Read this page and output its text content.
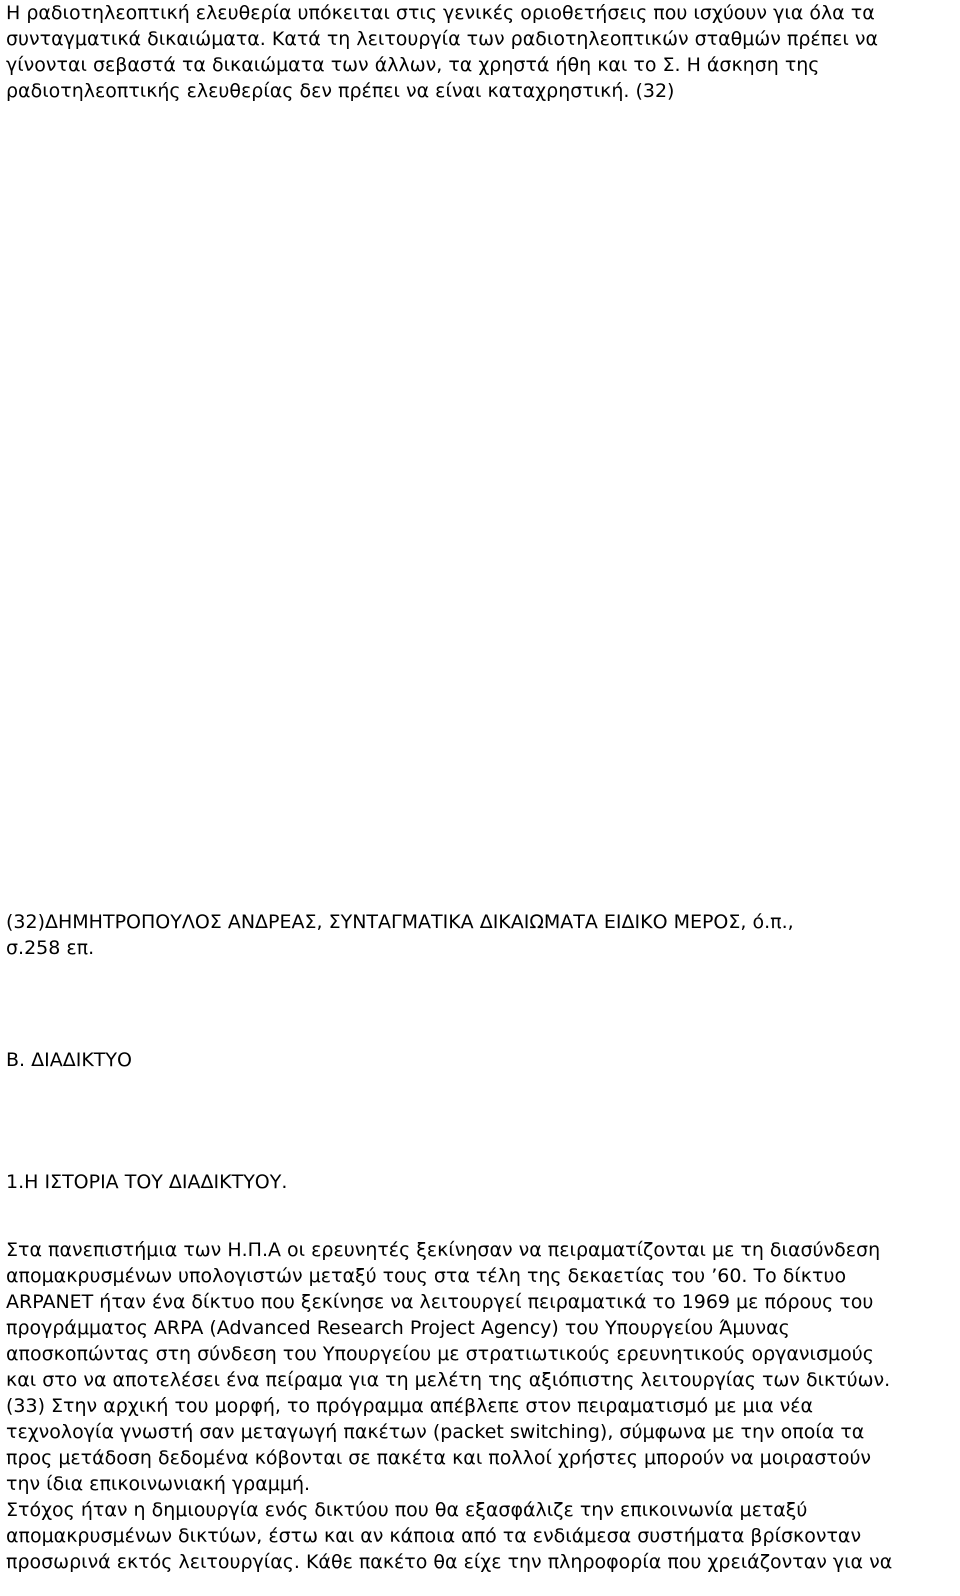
Η ραδιοτηλεοπτική ελευθερία υπόκειται στις γενικές οριοθετήσεις που ισχύουν για όλα τα
συνταγματικά δικαιώματα. Κατά τη λειτουργία των ραδιοτηλεοπτικών σταθμών πρέπει να
γίνονται σεβαστά τα δικαιώματα των άλλων, τα χρηστά ήθη και το Σ. Η άσκηση της
ραδιοτηλεοπτικής ελευθερίας δεν πρέπει να είναι καταχρηστική. (32)
(32)ΔΗΜΗΤΡΟΠΟΥΛΟΣ ΑΝΔΡΕΑΣ, ΣΥΝΤΑΓΜΑΤΙΚΑ ΔΙΚΑΙΩΜΑΤΑ ΕΙΔΙΚΟ ΜΕΡΟΣ, ό.π.,
σ.258 επ.
Β. ΔΙΑΔΙΚΤΥΟ
1.Η ΙΣΤΟΡΙΑ ΤΟΥ ΔΙΑΔΙΚΤΥΟΥ.
Στα πανεπιστήμια των Η.Π.Α οι ερευνητές ξεκίνησαν να πειραματίζονται με τη διασύνδεση
απομακρυσμένων υπολογιστών μεταξύ τους στα τέλη της δεκαετίας του ’60. Το δίκτυο
ARPANET ήταν ένα δίκτυο που ξεκίνησε να λειτουργεί πειραματικά το 1969 με πόρους του
προγράμματος ARPA (Advanced Research Project Agency) του Υπουργείου Άμυνας
αποσκοπώντας στη σύνδεση του Υπουργείου με στρατιωτικούς ερευνητικούς οργανισμούς
και στο να αποτελέσει ένα πείραμα για τη μελέτη της αξιόπιστης λειτουργίας των δικτύων.
(33) Στην αρχική του μορφή, το πρόγραμμα απέβλεπε στον πειραματισμό με μια νέα
τεχνολογία γνωστή σαν μεταγωγή πακέτων (packet switching), σύμφωνα με την οποία τα
προς μετάδοση δεδομένα κόβονται σε πακέτα και πολλοί χρήστες μπορούν να μοιραστούν
την ίδια επικοινωνιακή γραμμή.
Στόχος ήταν η δημιουργία ενός δικτύου που θα εξασφάλιζε την επικοινωνία μεταξύ
απομακρυσμένων δικτύων, έστω και αν κάποια από τα ενδιάμεσα συστήματα βρίσκονταν
προσωρινά εκτός λειτουργίας. Κάθε πακέτο θα είχε την πληροφορία που χρειάζονταν για να
